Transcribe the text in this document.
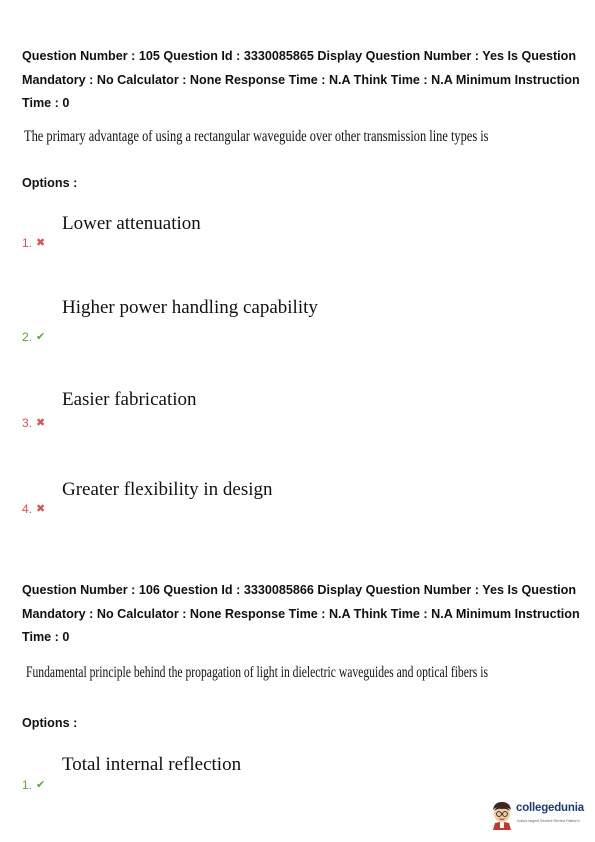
Question Number : 105 Question Id : 3330085865 Display Question Number : Yes Is Question
Mandatory : No Calculator : None Response Time : N.A Think Time : N.A Minimum Instruction
Time : 0
The primary advantage of using a rectangular waveguide over other transmission line types is
Options :
Lower attenuation
1. ✖
Higher power handling capability
2. ✔
Easier fabrication
3. ✖
Greater flexibility in design
4. ✖
Question Number : 106 Question Id : 3330085866 Display Question Number : Yes Is Question
Mandatory : No Calculator : None Response Time : N.A Think Time : N.A Minimum Instruction
Time : 0
Fundamental principle behind the propagation of light in dielectric waveguides and optical fibers is
Options :
Total internal reflection
1. ✔
collegedunia
India's largest Student Review Platform
